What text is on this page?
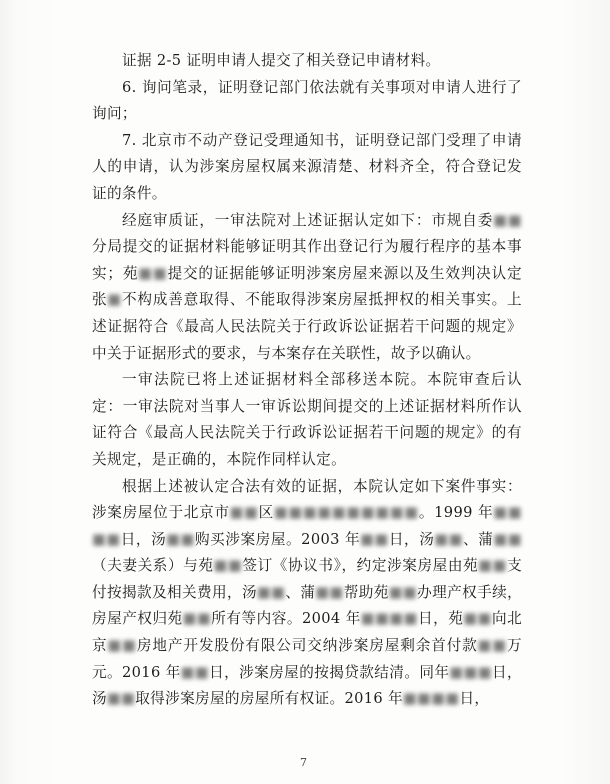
证据 2-5 证明申请人提交了相关登记申请材料。

6. 询问笔录，证明登记部门依法就有关事项对申请人进行了询问；

7. 北京市不动产登记受理通知书，证明登记部门受理了申请人的申请，认为涉案房屋权属来源清楚、材料齐全，符合登记发证的条件。

经庭审质证，一审法院对上述证据认定如下：市规自委■■分局提交的证据材料能够证明其作出登记行为履行程序的基本事实；苑■■提交的证据能够证明涉案房屋来源以及生效判决认定张■不构成善意取得、不能取得涉案房屋抵押权的相关事实。上述证据符合《最高人民法院关于行政诉讼证据若干问题的规定》中关于证据形式的要求，与本案存在关联性，故予以确认。

一审法院已将上述证据材料全部移送本院。本院审查后认定：一审法院对当事人一审诉讼期间提交的上述证据材料所作认证符合《最高人民法院关于行政诉讼证据若干问题的规定》的有关规定，是正确的，本院作同样认定。

根据上述被认定合法有效的证据，本院认定如下案件事实：涉案房屋位于北京市■■区■■■■■■■■■■。1999 年■■■■日，汤■■购买涉案房屋。2003 年■■日，汤■■、蒲■■（夫妻关系）与苑■■签订《协议书》，约定涉案房屋由苑■■支付按揭款及相关费用，汤■■、蒲■■帮助苑■■办理产权手续，房屋产权归苑■■所有等内容。2004 年■■■■日，苑■■向北京■■房地产开发股份有限公司交纳涉案房屋剩余首付款■■万元。2016 年■■日，涉案房屋的按揭贷款结清。同年■■■日，汤■■取得涉案房屋的房屋所有权证。2016 年■■■■日，

7
